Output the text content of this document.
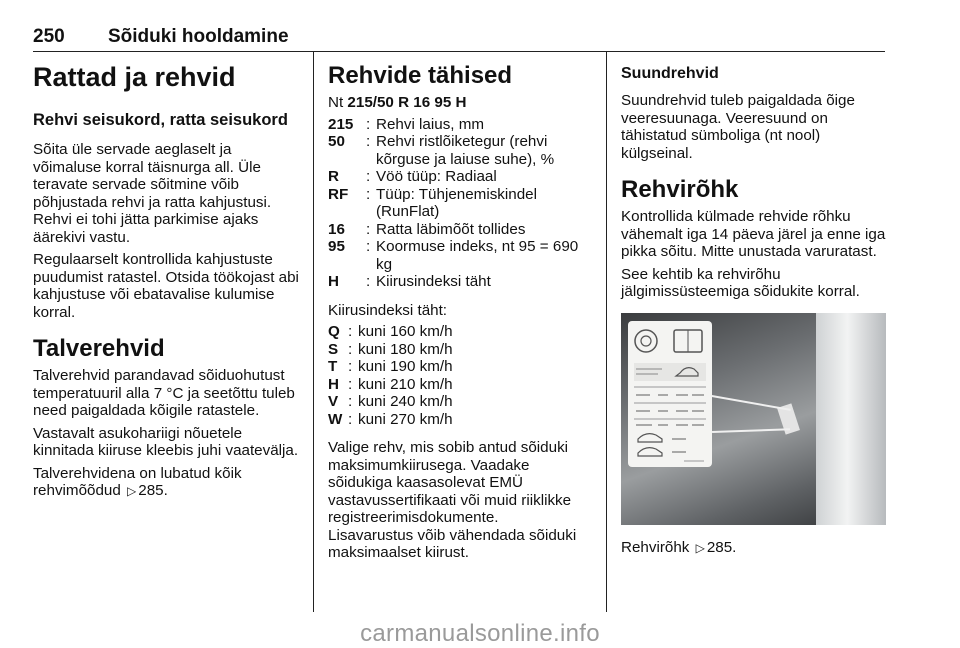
250 Sõiduki hooldamine
Rattad ja rehvid
Rehvi seisukord, ratta seisukord

Sõita üle servade aeglaselt ja võimaluse korral täisnurga all. Üle teravate servade sõitmine võib põhjustada rehvi ja ratta kahjustusi. Rehvi ei tohi jätta parkimise ajaks äärekivi vastu.

Regulaarselt kontrollida kahjustuste puudumist ratastel. Otsida töökojast abi kahjustuse või ebatavalise kulumise korral.

Talverehvid

Talverehvid parandavad sõiduohutust temperatuuril alla 7 °C ja seetõttu tuleb need paigaldada kõigile ratastele.

Vastavalt asukohariigi nõuetele kinnitada kiiruse kleebis juhi vaatevälja.

Talverehvidena on lubatud kõik rehvimõõdud ▷ 285.

Rehvide tähised

Nt 215/50 R 16 95 H

215 : Rehvi laius, mm
50	: Rehvi ristlõiketegur (rehvi kõrguse ja laiuse suhe), %
R	: Vöö tüüp: Radiaal
RF	: Tüüp: Tühjenemiskindel (RunFlat)
16	: Ratta läbimõõt tollides
95	: Koormuse indeks, nt 95 = 690 kg
H	: Kiirusindeksi täht

Kiirusindeksi täht:

Q : kuni 160 km/h
S : kuni 180 km/h
T : kuni 190 km/h
H : kuni 210 km/h
V : kuni 240 km/h
W : kuni 270 km/h

Valige rehv, mis sobib antud sõiduki maksimumkiirusega. Vaadake sõidukiga kaasasolevat EMÜ vastavussertifikaati või muid riiklikke registreerimisdokumente.

Lisavarustus võib vähendada sõiduki maksimaalset kiirust.

Suundrehvid

Suundrehvid tuleb paigaldada õige veeresuunaga. Veeresuund on tähistatud sümboliga (nt nool) külgseinal.

Rehvirõhk

Kontrollida külmade rehvide rõhku vähemalt iga 14 päeva järel ja enne iga pikka sõitu. Mitte unustada varuratast.

See kehtib ka rehvirõhu jälgimissüsteemiga sõidukite korral.

Rehvirõhk ▷ 285.

carmanualsonline.info
